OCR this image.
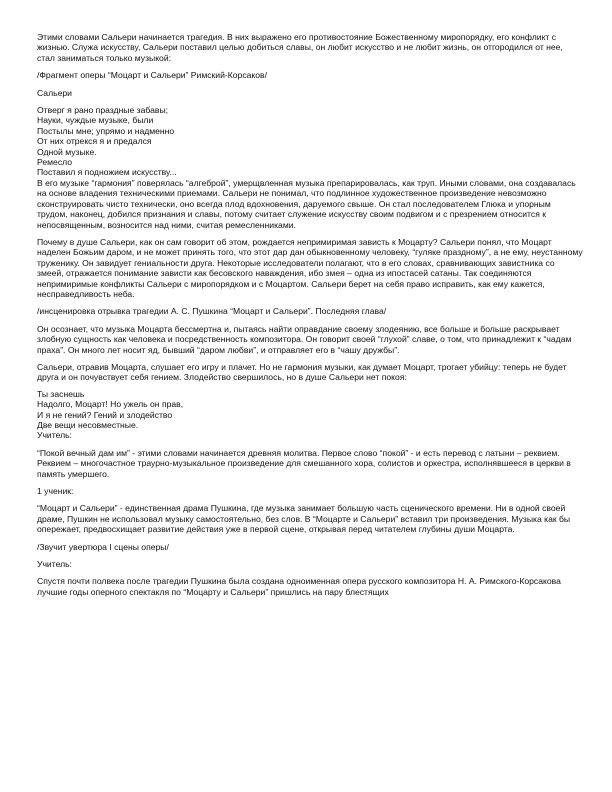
Этими словами Сальери начинается трагедия. В них выражено его противостояние Божественному миропорядку, его конфликт с жизнью. Служа искусству, Сальери поставил целью добиться славы, он любит искусство и не любит жизнь, он отгородился от нее, стал заниматься только музыкой:

/Фрагмент оперы “Моцарт и Сальери” Римский-Корсаков/

Сальери

Отверг я рано праздные забавы;
Науки, чуждые музыке, были
Постылы мне; упрямо и надменно
От них отрекся я и предался
Одной музыке.
Ремесло
Поставил я подножием искусству...

В его музыке “гармония” поверялась “алгеброй”, умерщвленная музыка препарировалась, как труп. Иными словами, она создавалась на основе владения техническими приемами. Сальери не понимал, что подлинное художественное произведение невозможно сконструировать чисто технически, оно всегда плод вдохновения, даруемого свыше. Он стал последователем Глюка и упорным трудом, наконец, добился признания и славы, потому считает служение искусству своим подвигом и с презрением относится к непосвященным, возносится над ними, считая ремесленниками.

Почему в душе Сальери, как он сам говорит об этом, рождается непримиримая зависть к Моцарту? Сальери понял, что Моцарт наделен Божьим даром, и не может принять того, что этот дар дан обыкновенному человеку, “гуляке праздному”, а не ему, неустанному труженику. Он завидует гениальности друга. Некоторые исследователи полагают, что в его словах, сравнивающих завистника со змеей, отражается понимание зависти как бесовского наваждения, ибо змея – одна из ипостасей сатаны. Так соединяются непримиримые конфликты Сальери с миропорядком и с Моцартом. Сальери берет на себя право исправить, как ему кажется, несправедливость неба.

/инсценировка отрывка трагедии А. С. Пушкина “Моцарт и Сальери”. Последняя глава/

Он осознает, что музыка Моцарта бессмертна и, пытаясь найти оправдание своему злодеянию, все больше и больше раскрывает злобную сущность как человека и посредственность композитора. Он говорит своей “глухой” славе, о том, что принадлежит к “чадам праха”. Он много лет носит яд, бывший “даром любви”, и отправляет его в “чашу дружбы”.

Сальери, отравив Моцарта, слушает его игру и плачет. Но не гармония музыки, как думает Моцарт, трогает убийцу: теперь не будет друга и он почувствует себя гением. Злодейство свершилось, но в душе Сальери нет покоя:

Ты заснешь
Надолго, Моцарт! Но ужель он прав,
И я не гений? Гений и злодейство
Две вещи несовместные.
Учитель:

“Покой вечный дам им” - этими словами начинается древняя молитва. Первое слово “покой” - и есть перевод с латыни – реквием. Реквием – многочастное траурно-музыкальное произведение для смешанного хора, солистов и оркестра, исполнявшееся в церкви в память умершего.

1 ученик:

“Моцарт и Сальери” - единственная драма Пушкина, где музыка занимает большую часть сценического времени. Ни в одной своей драме, Пушкин не использовал музыку самостоятельно, без слов. В “Моцарте и Сальери” вставил три произведения. Музыка как бы опережает, предвосхищает развитие действия уже в первой сцене, открывая перед читателем глубины души Моцарта.

/Звучит увертюра I сцены оперы/

Учитель:

Спустя почти полвека после трагедии Пушкина была создана одноименная опера русского композитора Н. А. Римского-Корсакова лучшие годы оперного спектакля по “Моцарту и Сальери” пришлись на пару блестящих
